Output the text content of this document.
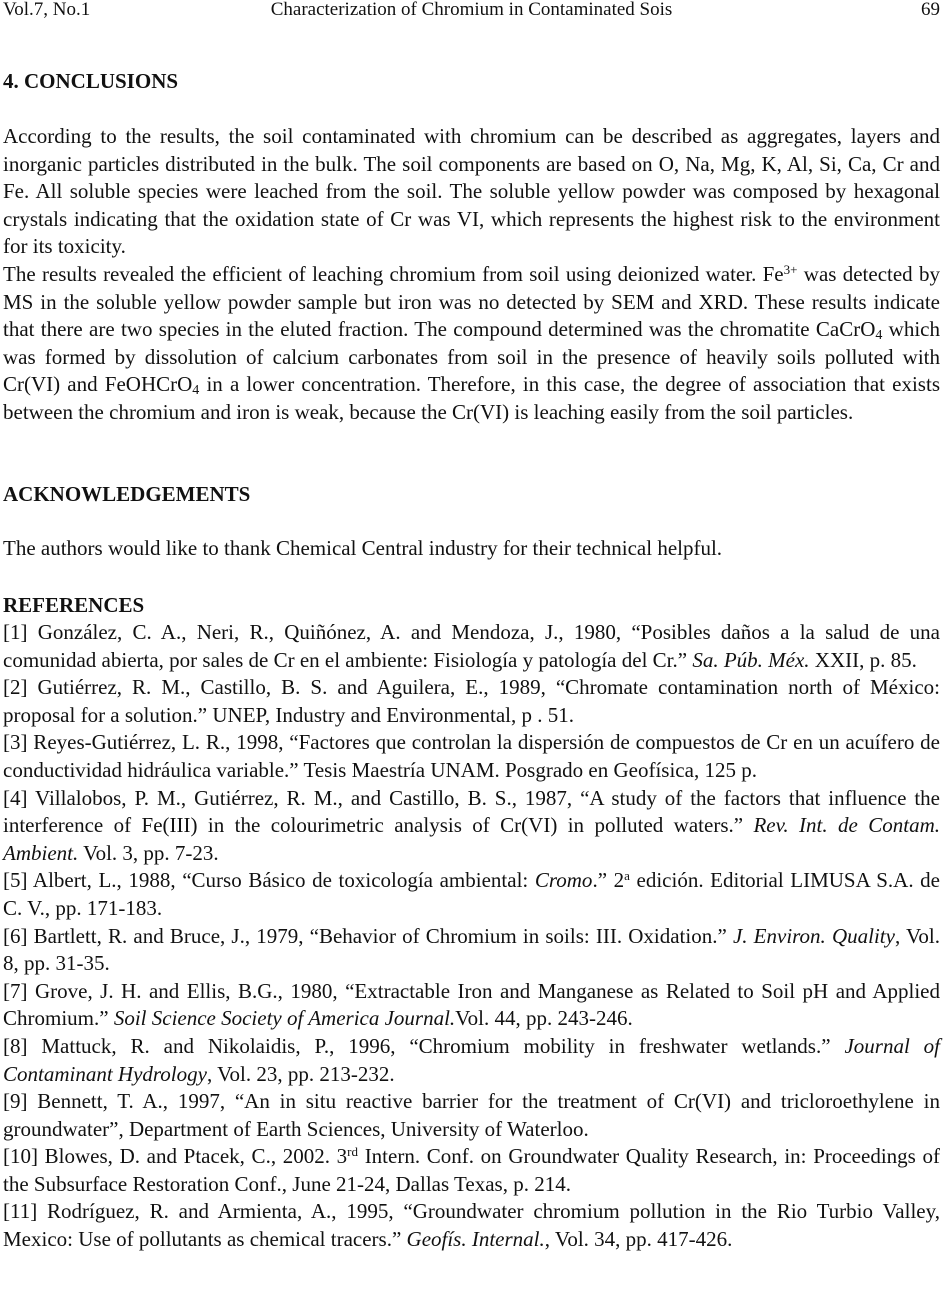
Vol.7, No.1	Characterization of Chromium in Contaminated Sois	69
4. CONCLUSIONS
According to the results, the soil contaminated with chromium can be described as aggregates, layers and inorganic particles distributed in the bulk. The soil components are based on O, Na, Mg, K, Al, Si, Ca, Cr and Fe. All soluble species were leached from the soil. The soluble yellow powder was composed by hexagonal crystals indicating that the oxidation state of Cr was VI, which represents the highest risk to the environment for its toxicity.
The results revealed the efficient of leaching chromium from soil using deionized water. $Fe^{3+}$ was detected by MS in the soluble yellow powder sample but iron was no detected by SEM and XRD. These results indicate that there are two species in the eluted fraction. The compound determined was the chromatite CaCrO$_4$ which was formed by dissolution of calcium carbonates from soil in the presence of heavily soils polluted with Cr(VI) and FeOHCrO$_4$ in a lower concentration. Therefore, in this case, the degree of association that exists between the chromium and iron is weak, because the Cr(VI) is leaching easily from the soil particles.
ACKNOWLEDGEMENTS
The authors would like to thank Chemical Central industry for their technical helpful.
REFERENCES
[1] González, C. A., Neri, R., Quiñónez, A. and Mendoza, J., 1980, “Posibles daños a la salud de una comunidad abierta, por sales de Cr en el ambiente: Fisiología y patología del Cr.” Sa. Púb. Méx. XXII, p. 85.
[2] Gutiérrez, R. M., Castillo, B. S. and Aguilera, E., 1989, “Chromate contamination north of México: proposal for a solution.” UNEP, Industry and Environmental, p . 51.
[3] Reyes-Gutiérrez, L. R., 1998, “Factores que controlan la dispersión de compuestos de Cr en un acuífero de conductividad hidráulica variable.” Tesis Maestría UNAM. Posgrado en Geofísica, 125 p.
[4] Villalobos, P. M., Gutiérrez, R. M., and Castillo, B. S., 1987, “A study of the factors that influence the interference of Fe(III) in the colourimetric analysis of Cr(VI) in polluted waters.” Rev. Int. de Contam. Ambient. Vol. 3, pp. 7-23.
[5] Albert, L., 1988, “Curso Básico de toxicología ambiental: Cromo.” 2$^a$ edición. Editorial LIMUSA S.A. de C. V., pp. 171-183.
[6] Bartlett, R. and Bruce, J., 1979, “Behavior of Chromium in soils: III. Oxidation.” J. Environ. Quality, Vol. 8, pp. 31-35.
[7] Grove, J. H. and Ellis, B.G., 1980, “Extractable Iron and Manganese as Related to Soil pH and Applied Chromium.” Soil Science Society of America Journal.Vol. 44, pp. 243-246.
[8] Mattuck, R. and Nikolaidis, P., 1996, “Chromium mobility in freshwater wetlands.” Journal of Contaminant Hydrology, Vol. 23, pp. 213-232.
[9] Bennett, T. A., 1997, “An in situ reactive barrier for the treatment of Cr(VI) and tricloroethylene in groundwater”, Department of Earth Sciences, University of Waterloo.
[10] Blowes, D. and Ptacek, C., 2002. 3rd Intern. Conf. on Groundwater Quality Research, in: Proceedings of the Subsurface Restoration Conf., June 21-24, Dallas Texas, p. 214.
[11] Rodríguez, R. and Armienta, A., 1995, “Groundwater chromium pollution in the Rio Turbio Valley, Mexico: Use of pollutants as chemical tracers.” Geofís. Internal., Vol. 34, pp. 417-426.
